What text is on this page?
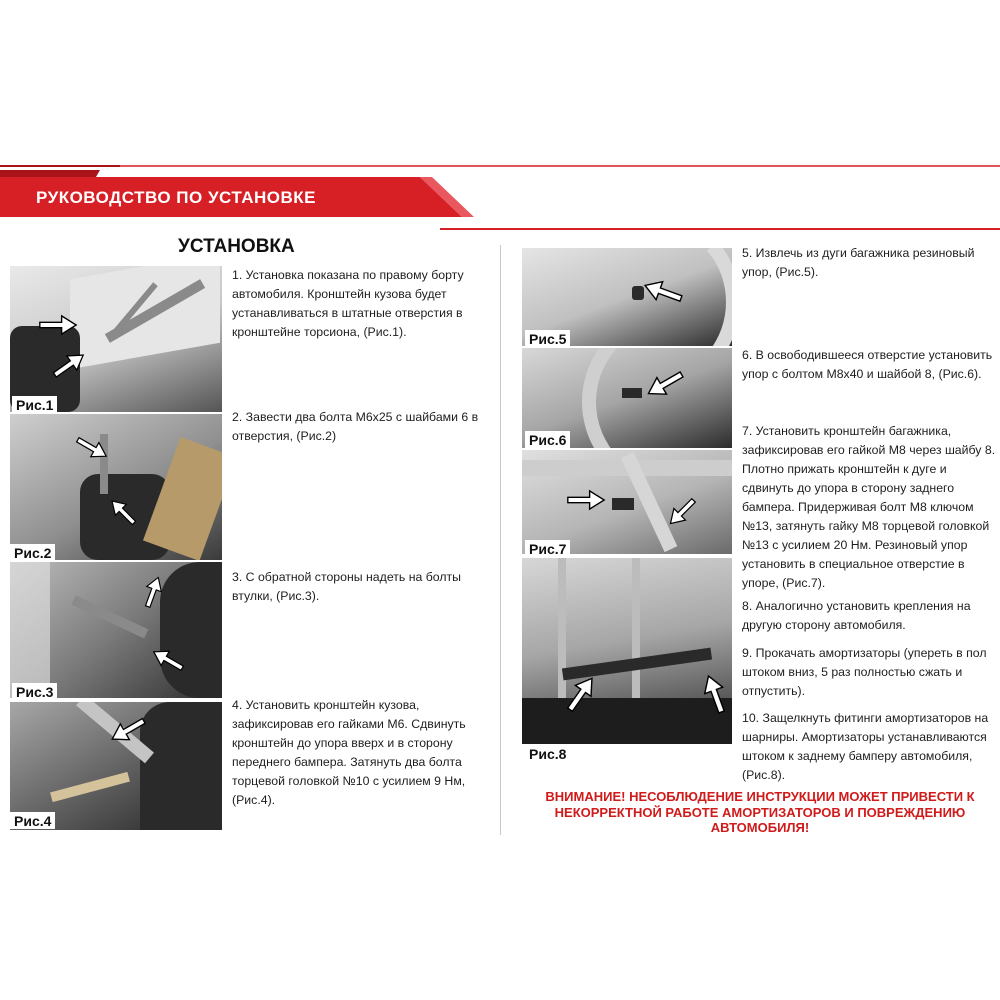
РУКОВОДСТВО ПО УСТАНОВКЕ
УСТАНОВКА
Рис.1
Рис.2
Рис.3
Рис.4
1. Установка показана по правому борту
автомобиля. Кронштейн кузова будет
устанавливаться в штатные отверстия в
кронштейне торсиона, (Рис.1).
2. Завести два болта М6х25 с шайбами 6 в
отверстия, (Рис.2)
3. С обратной стороны надеть на болты
втулки, (Рис.3).
4. Установить кронштейн кузова,
зафиксировав его гайками М6. Сдвинуть
кронштейн до упора вверх и в сторону
переднего бампера. Затянуть два болта
торцевой головкой №10 с усилием 9 Нм,
(Рис.4).
Рис.5
Рис.6
Рис.7
Рис.8
5. Извлечь из дуги багажника резиновый
упор, (Рис.5).
6. В освободившееся отверстие установить
упор с болтом М8х40 и шайбой 8, (Рис.6).
7. Установить кронштейн багажника,
зафиксировав его гайкой М8 через шайбу 8.
Плотно прижать кронштейн к дуге и
сдвинуть до упора в сторону заднего
бампера. Придерживая болт М8 ключом
№13, затянуть гайку М8 торцевой головкой
№13 с усилием 20 Нм. Резиновый упор
установить в специальное отверстие в
упоре, (Рис.7).
8. Аналогично установить крепления на
другую сторону автомобиля.
9. Прокачать амортизаторы (упереть в пол
штоком вниз, 5 раз полностью сжать и
отпустить).
10. Защелкнуть фитинги амортизаторов на
шарниры. Амортизаторы устанавливаются
штоком к заднему бамперу автомобиля,
(Рис.8).
ВНИМАНИЕ! НЕСОБЛЮДЕНИЕ ИНСТРУКЦИИ МОЖЕТ ПРИВЕСТИ К
НЕКОРРЕКТНОЙ РАБОТЕ АМОРТИЗАТОРОВ И ПОВРЕЖДЕНИЮ
АВТОМОБИЛЯ!
